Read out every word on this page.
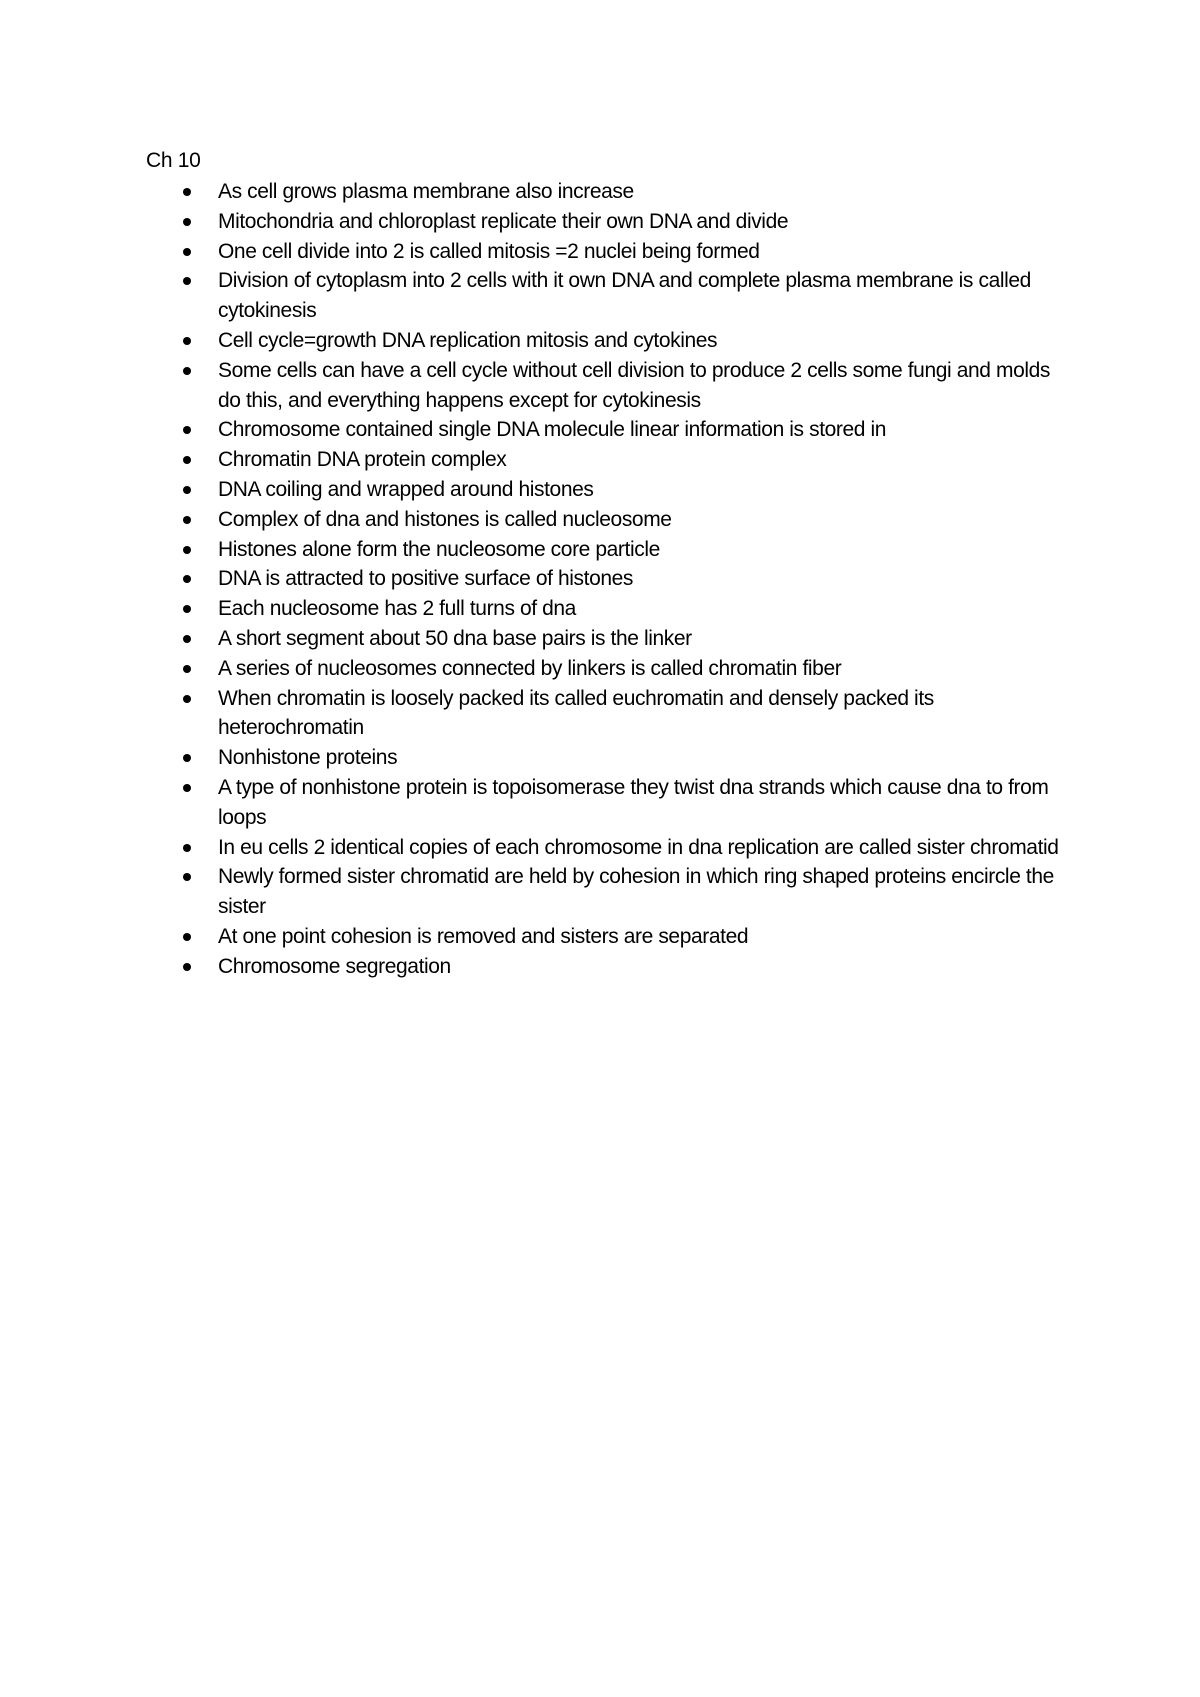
Ch 10
As cell grows plasma membrane also increase
Mitochondria and chloroplast replicate their own DNA and divide
One cell divide into 2 is called mitosis =2 nuclei being formed
Division of cytoplasm into 2 cells with it own DNA and complete plasma membrane is called cytokinesis
Cell cycle=growth DNA replication mitosis and cytokines
Some cells can have a cell cycle without cell division to produce 2 cells some fungi and molds do this, and everything happens except for cytokinesis
Chromosome contained single DNA molecule linear information is stored in
Chromatin DNA protein complex
DNA coiling and wrapped around histones
Complex of dna and histones is called nucleosome
Histones alone form the nucleosome core particle
DNA is attracted to positive surface of histones
Each nucleosome has 2 full turns of dna
A short segment about 50 dna base pairs is the linker
A series of nucleosomes connected by linkers is called chromatin fiber
When chromatin is loosely packed its called euchromatin and densely packed its heterochromatin
Nonhistone proteins
A type of nonhistone protein is topoisomerase they twist dna strands which cause dna to from loops
In eu cells 2 identical copies of each chromosome in dna replication are called sister chromatid
Newly formed sister chromatid are held by cohesion in which ring shaped proteins encircle the sister
At one point cohesion is removed and sisters are separated
Chromosome segregation
